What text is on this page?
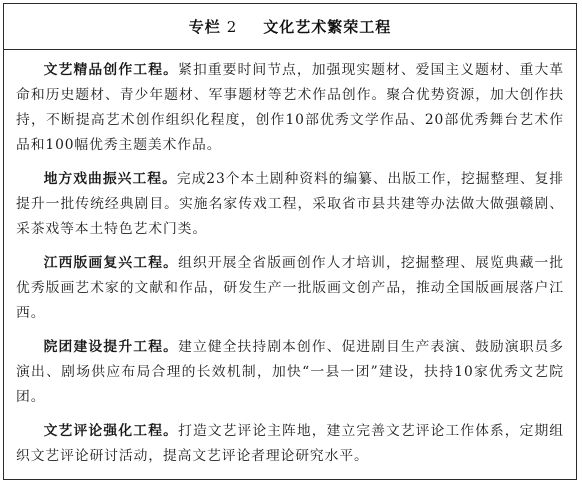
专栏 2 文化艺术繁荣工程

文艺精品创作工程。紧扣重要时间节点，加强现实题材、爱国主义题材、重大革命和历史题材、青少年题材、军事题材等艺术作品创作。聚合优势资源，加大创作扶持，不断提高艺术创作组织化程度，创作10部优秀文学作品、20部优秀舞台艺术作品和100幅优秀主题美术作品。

地方戏曲振兴工程。完成23个本土剧种资料的编纂、出版工作，挖掘整理、复排提升一批传统经典剧目。实施名家传戏工程，采取省市县共建等办法做大做强赣剧、采茶戏等本土特色艺术门类。

江西版画复兴工程。组织开展全省版画创作人才培训，挖掘整理、展览典藏一批优秀版画艺术家的文献和作品，研发生产一批版画文创产品，推动全国版画展落户江西。

院团建设提升工程。建立健全扶持剧本创作、促进剧目生产表演、鼓励演职员多演出、剧场供应布局合理的长效机制，加快“一县一团”建设，扶持10家优秀文艺院团。

文艺评论强化工程。打造文艺评论主阵地，建立完善文艺评论工作体系，定期组织文艺评论研讨活动，提高文艺评论者理论研究水平。
